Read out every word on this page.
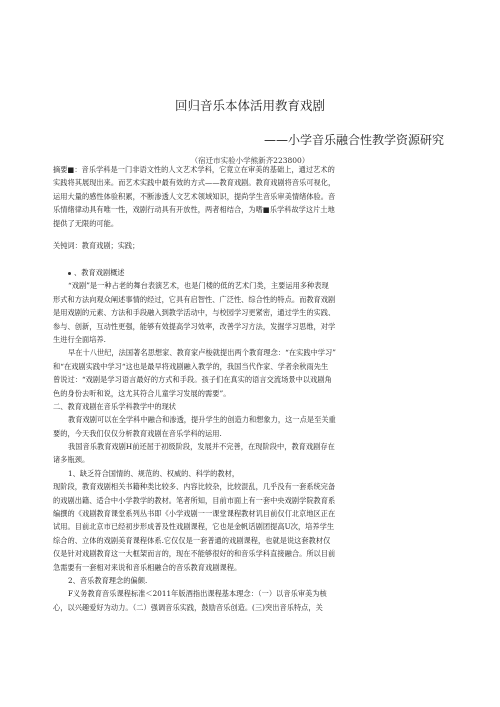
回归音乐本体活用教育戏剧
——小学音乐融合性教学资源研究
（宿迁市实验小学熊新齐223800）
摘要■：音乐学科是一门非语文性的人文艺术学科，它竟立在审美的基础上，通过艺术的
实践将其展现出来。而艺术实践中最有效的方式——教育戏剧。教育戏剧将音乐可视化，
运用大量的感性体验积累，不断渗透人文艺术领域知识，提尚学生音乐审美情绪体验。音
乐情绪律动具有唯一性，戏剧行动具有开放性，两者相结合，为嗜■乐学科故学这片土地
提供了无限的可能。
关钝词：教育戏剧；实践；
、教育戏剧概述
“戏剧”是一种占老的舞台表演艺术，也是门楼的低的艺术门类，主要运用多种表现
形式和方法向观众阐述事情的经过，它具有启智性、广泛性、综合性的特点。而教育戏剧
是用戏剧的元素、方法和手段融入到教学活动中，与校园学习更紧密，通过学生的实践、
参与、创新，互动性更强，能够有效提高学习效率，改善学习方法，发掘学习思维，对学
生进行全面培养.
早在十八世纪，法国著名思想家、教育家卢梭就提出两个教育理念：“在实践中学习”
和“在戏剧实践中学习“这也是最早将戏剧融入教学的，我国当代作家、学者余秋雨先生
曾说过：“戏剧是学习语言最好的方式和手段。孩子们在真实的语言交流场景中以戏剧角
色的身份去听和说，这尤其符合儿童学习发展的需要”。
二、教育戏剧在音乐学科教学中的现状
教育戏剧可以在全学科中融合和渗透，提升学生的创造力和想象力，这一点是至关重
要的，今天我们仅仅分析教育戏剧在音乐学科的运用.
我国音乐教育戏剧H前还屈于初级阶段，发展并不完善，在现阶段中，教育戏剧存在
诸多瓶颈。
1、缺乏符合国情的、规范的、权威的、科学的教材，
现阶段，教育戏剧相关书籍种类比较多、内容比较杂，比较混乱，几乎没有一套系统完备
的戏剧出籍、适合中小学教学的教材。笔者所知，目前市面上有一套中央戏剧学院教育系
编撰的《戏剧教育课堂系列丛书即《小学戏剧一一课堂课程教材讥目前仅仃北京地区正在
试用。目前北京市已经初步形成普及性戏剧课程，它也是金帆话剧团提高U次，培养学生
综合的、立体的戏剧美育课程体系.它仅仅是一套普通的戏剧课程，也就是说这套教材仅
仅是针对戏剧教育这一大框架而言的，现在不能够很好的和音乐学科直接融合。所以目前
急需要有一套相对来说和音乐相融合的音乐教育戏剧课程。
2、音乐教育理念的偏颇.
F义务教育音乐课程标准＜2011年版酒指出课程基本理念：（一）以音乐审美为核
心，以兴趣爱好为动力。（二）强调音乐实践，鼓励音乐创造。(三)突出音乐特点，关
